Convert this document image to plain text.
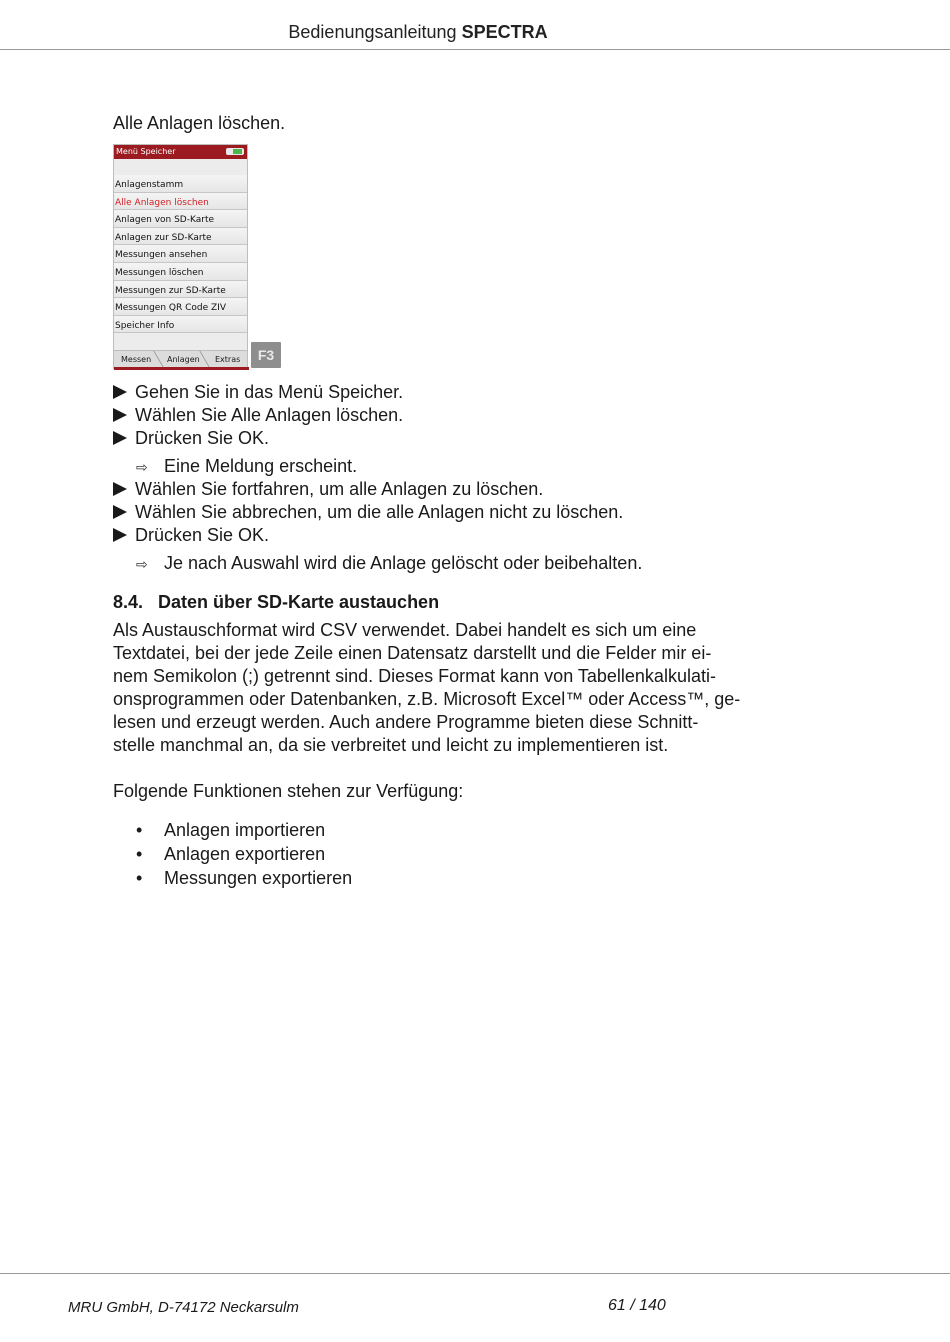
Bedienungsanleitung SPECTRA
Alle Anlagen löschen.
Menü Speicher
Anlagenstamm
Alle Anlagen löschen
Anlagen von SD-Karte
Anlagen zur SD-Karte
Messungen ansehen
Messungen löschen
Messungen zur SD-Karte
Messungen QR Code ZIV
Speicher Info
Messen Anlagen Extras	F3
Gehen Sie in das Menü Speicher.
Wählen Sie Alle Anlagen löschen.
Drücken Sie OK.
⇨ Eine Meldung erscheint.
Wählen Sie fortfahren, um alle Anlagen zu löschen.
Wählen Sie abbrechen, um die alle Anlagen nicht zu löschen.
Drücken Sie OK.
⇨ Je nach Auswahl wird die Anlage gelöscht oder beibehalten.
8.4. Daten über SD-Karte austauchen
Als Austauschformat wird CSV verwendet. Dabei handelt es sich um eine
Textdatei, bei der jede Zeile einen Datensatz darstellt und die Felder mir ei-
nem Semikolon (;) getrennt sind. Dieses Format kann von Tabellenkalkulati-
onsprogrammen oder Datenbanken, z.B. Microsoft Excel™ oder Access™, ge-
lesen und erzeugt werden. Auch andere Programme bieten diese Schnitt-
stelle manchmal an, da sie verbreitet und leicht zu implementieren ist.
Folgende Funktionen stehen zur Verfügung:
• Anlagen importieren
• Anlagen exportieren
• Messungen exportieren
MRU GmbH, D-74172 Neckarsulm	61 / 140
